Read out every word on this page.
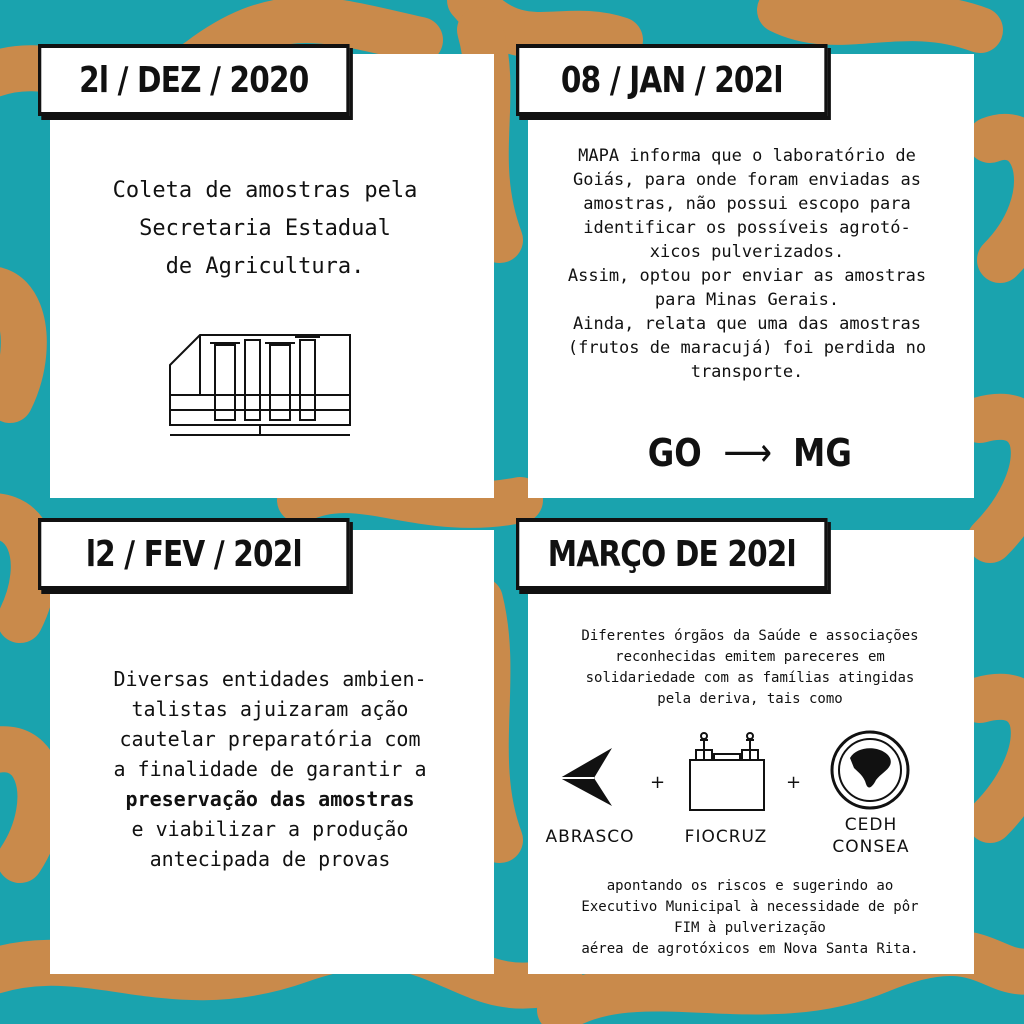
2l / DEZ / 2020
Coleta de amostras pela
Secretaria Estadual
de Agricultura.
08 / JAN / 202l
MAPA informa que o laboratório de
Goiás, para onde foram enviadas as
amostras, não possui escopo para
identificar os possíveis agrotó-
xicos pulverizados.
Assim, optou por enviar as amostras
para Minas Gerais.
Ainda, relata que uma das amostras
(frutos de maracujá) foi perdida no
transporte.
GO ⟶ MG
l2 / FEV / 202l
Diversas entidades ambien-
talistas ajuizaram ação
cautelar preparatória com
a finalidade de garantir a
preservação das amostras
e viabilizar a produção
antecipada de provas
MARÇO DE 202l
Diferentes órgãos da Saúde e associações
reconhecidas emitem pareceres em
solidariedade com as famílias atingidas
pela deriva, tais como
ABRASCO
+
FIOCRUZ
+
CEDH
CONSEA
apontando os riscos e sugerindo ao
Executivo Municipal à necessidade de pôr
FIM à pulverização
aérea de agrotóxicos em Nova Santa Rita.
